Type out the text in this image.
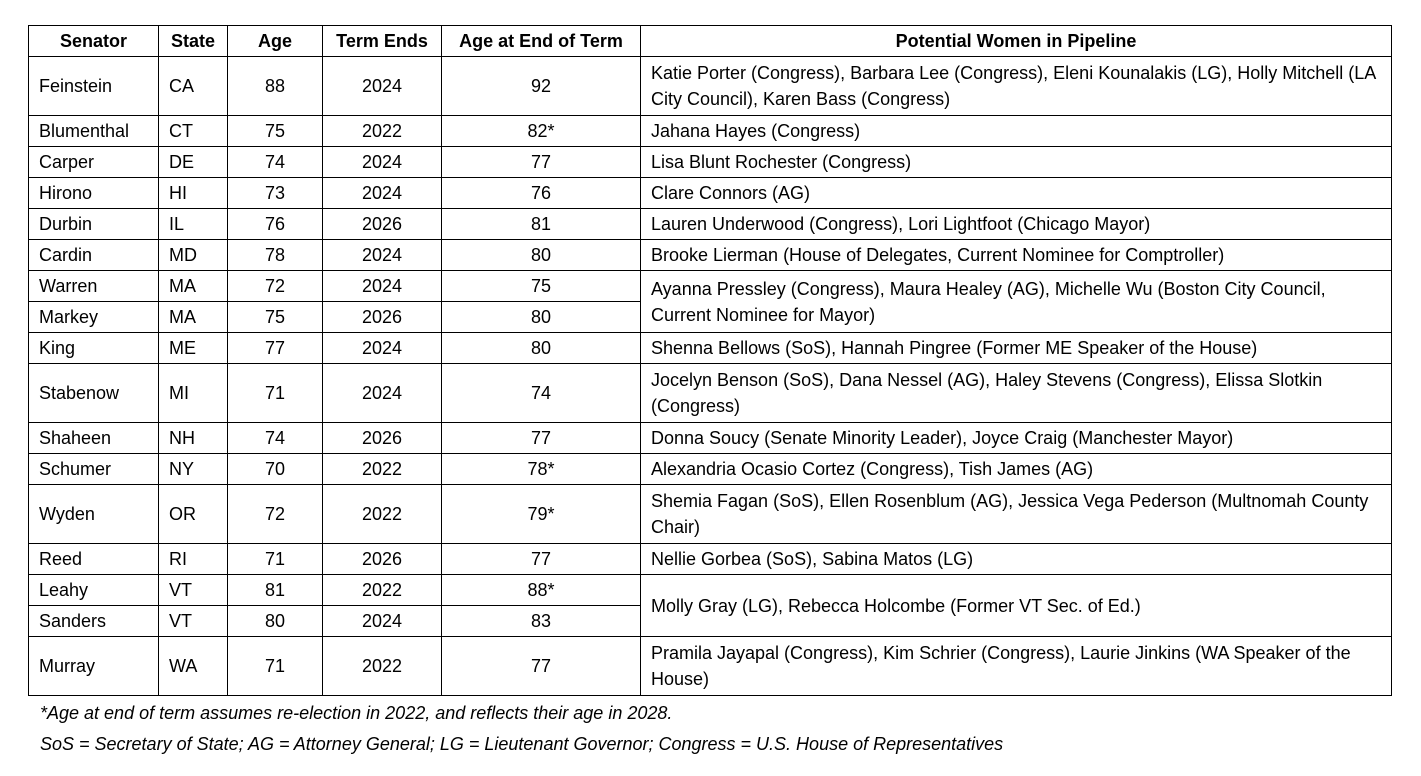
Senator	State	Age	Term Ends	Age at End of Term	Potential Women in Pipeline
Feinstein	CA	88	2024	92	Katie Porter (Congress), Barbara Lee (Congress), Eleni Kounalakis (LG), Holly Mitchell (LA City Council), Karen Bass (Congress)
Blumenthal	CT	75	2022	82*	Jahana Hayes (Congress)
Carper	DE	74	2024	77	Lisa Blunt Rochester (Congress)
Hirono	HI	73	2024	76	Clare Connors (AG)
Durbin	IL	76	2026	81	Lauren Underwood (Congress), Lori Lightfoot (Chicago Mayor)
Cardin	MD	78	2024	80	Brooke Lierman (House of Delegates, Current Nominee for Comptroller)
Warren	MA	72	2024	75	Ayanna Pressley (Congress), Maura Healey (AG), Michelle Wu (Boston City Council, Current Nominee for Mayor)
Markey	MA	75	2026	80	
King	ME	77	2024	80	Shenna Bellows (SoS), Hannah Pingree (Former ME Speaker of the House)
Stabenow	MI	71	2024	74	Jocelyn Benson (SoS), Dana Nessel (AG), Haley Stevens (Congress), Elissa Slotkin (Congress)
Shaheen	NH	74	2026	77	Donna Soucy (Senate Minority Leader), Joyce Craig (Manchester Mayor)
Schumer	NY	70	2022	78*	Alexandria Ocasio Cortez (Congress), Tish James (AG)
Wyden	OR	72	2022	79*	Shemia Fagan (SoS), Ellen Rosenblum (AG), Jessica Vega Pederson (Multnomah County Chair)
Reed	RI	71	2026	77	Nellie Gorbea (SoS), Sabina Matos (LG)
Leahy	VT	81	2022	88*	Molly Gray (LG), Rebecca Holcombe (Former VT Sec. of Ed.)
Sanders	VT	80	2024	83	
Murray	WA	71	2022	77	Pramila Jayapal (Congress), Kim Schrier (Congress), Laurie Jinkins (WA Speaker of the House)
*Age at end of term assumes re-election in 2022, and reflects their age in 2028.
SoS = Secretary of State; AG = Attorney General; LG = Lieutenant Governor; Congress = U.S. House of Representatives
